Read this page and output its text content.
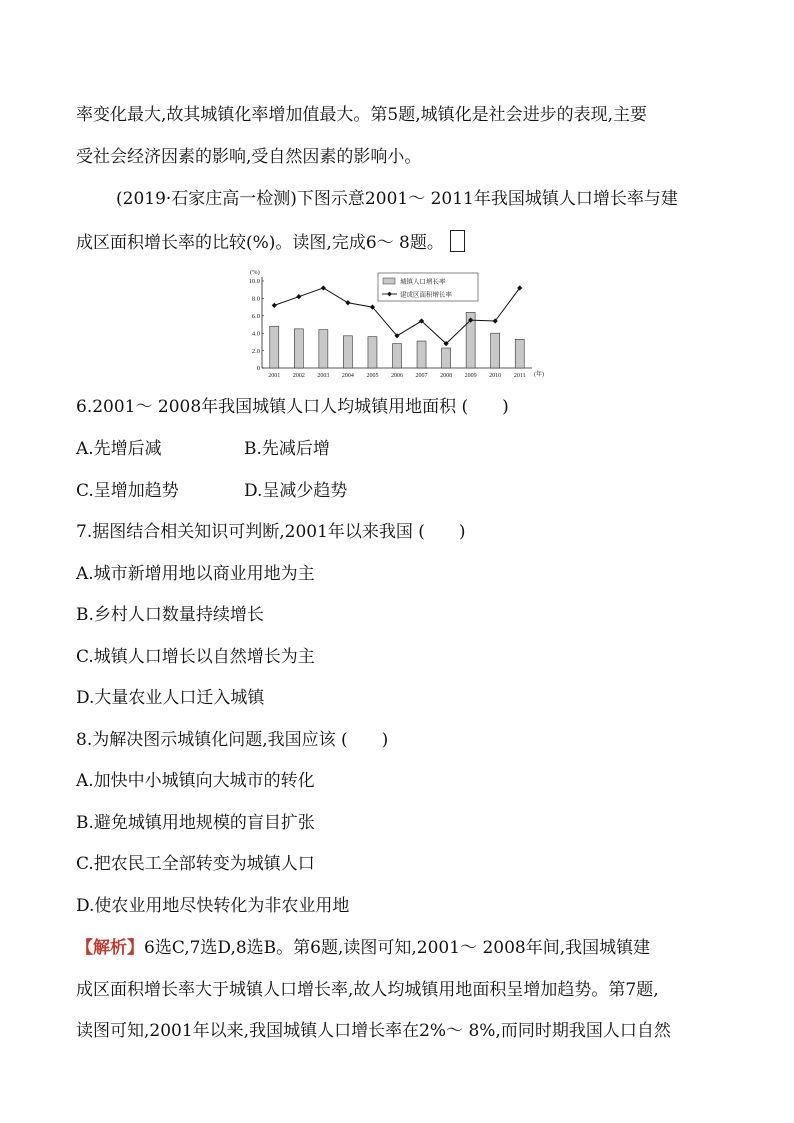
率变化最大,故其城镇化率增加值最大。第5题,城镇化是社会进步的表现,主要
受社会经济因素的影响,受自然因素的影响小。
(2019·石家庄高一检测)下图示意2001～ 2011年我国城镇人口增长率与建
成区面积增长率的比较(%)。读图,完成6～ 8题。
(%)
0
2.0
4.0
6.0
8.0
10.0
2001 2002 2003 2004 2005 2006 2007 2008 2009 2010 2011 (年)
城镇人口增长率
建成区面积增长率
6.2001～ 2008年我国城镇人口人均城镇用地面积 (　　)
A.先增后减	B.先减后增
C.呈增加趋势	D.呈减少趋势
7.据图结合相关知识可判断,2001年以来我国 (　　)
A.城市新增用地以商业用地为主
B.乡村人口数量持续增长
C.城镇人口增长以自然增长为主
D.大量农业人口迁入城镇
8.为解决图示城镇化问题,我国应该 (　　)
A.加快中小城镇向大城市的转化
B.避免城镇用地规模的盲目扩张
C.把农民工全部转变为城镇人口
D.使农业用地尽快转化为非农业用地
【解析】6选C,7选D,8选B。第6题,读图可知,2001～ 2008年间,我国城镇建
成区面积增长率大于城镇人口增长率,故人均城镇用地面积呈增加趋势。第7题,
读图可知,2001年以来,我国城镇人口增长率在2%～ 8%,而同时期我国人口自然
